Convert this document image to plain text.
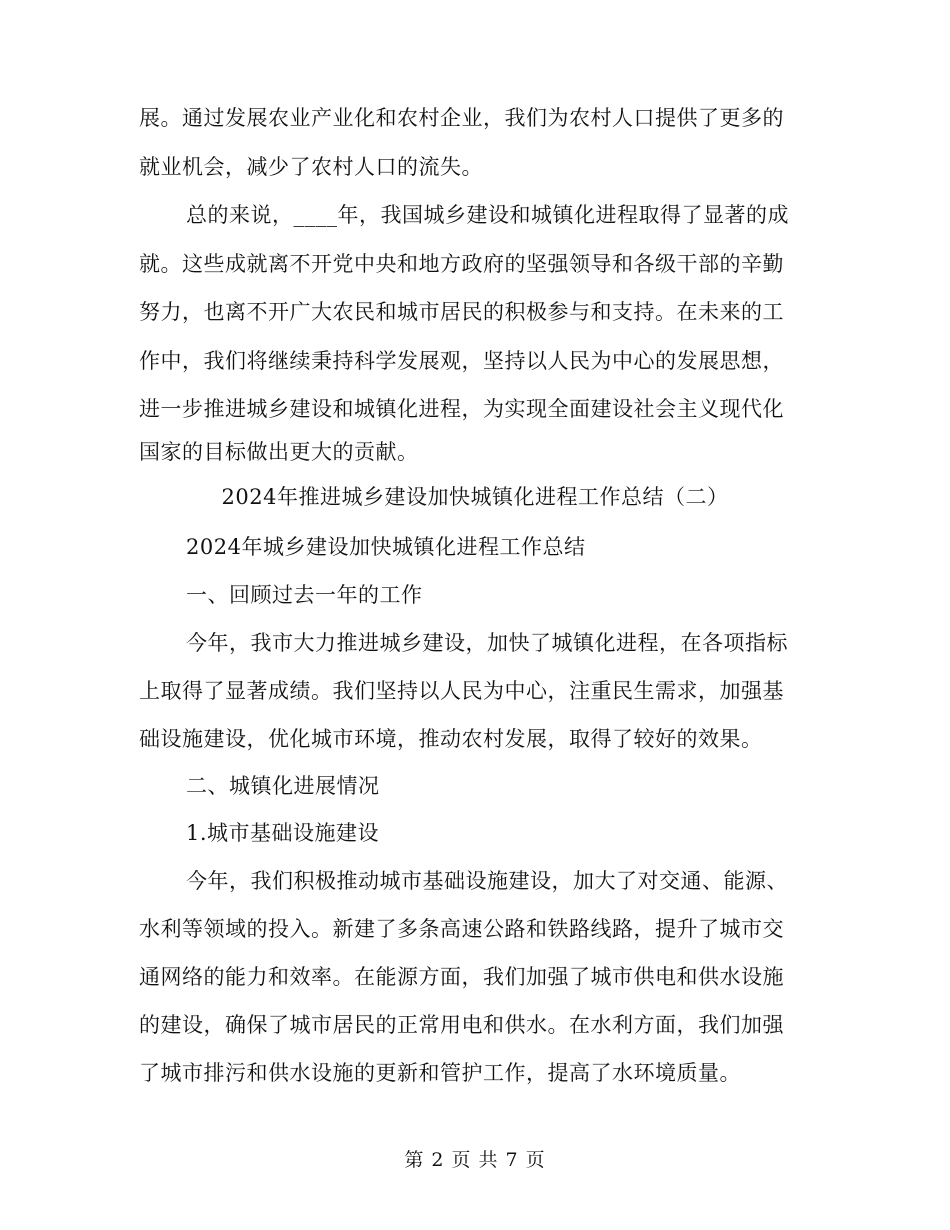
展。通过发展农业产业化和农村企业，我们为农村人口提供了更多的
就业机会，减少了农村人口的流失。
总的来说，____年，我国城乡建设和城镇化进程取得了显著的成
就。这些成就离不开党中央和地方政府的坚强领导和各级干部的辛勤
努力，也离不开广大农民和城市居民的积极参与和支持。在未来的工
作中，我们将继续秉持科学发展观，坚持以人民为中心的发展思想，
进一步推进城乡建设和城镇化进程，为实现全面建设社会主义现代化
国家的目标做出更大的贡献。
2024年推进城乡建设加快城镇化进程工作总结（二）
2024年城乡建设加快城镇化进程工作总结
一、回顾过去一年的工作
今年，我市大力推进城乡建设，加快了城镇化进程，在各项指标
上取得了显著成绩。我们坚持以人民为中心，注重民生需求，加强基
础设施建设，优化城市环境，推动农村发展，取得了较好的效果。
二、城镇化进展情况
1.城市基础设施建设
今年，我们积极推动城市基础设施建设，加大了对交通、能源、
水利等领域的投入。新建了多条高速公路和铁路线路，提升了城市交
通网络的能力和效率。在能源方面，我们加强了城市供电和供水设施
的建设，确保了城市居民的正常用电和供水。在水利方面，我们加强
了城市排污和供水设施的更新和管护工作，提高了水环境质量。
第 2 页 共 7 页
